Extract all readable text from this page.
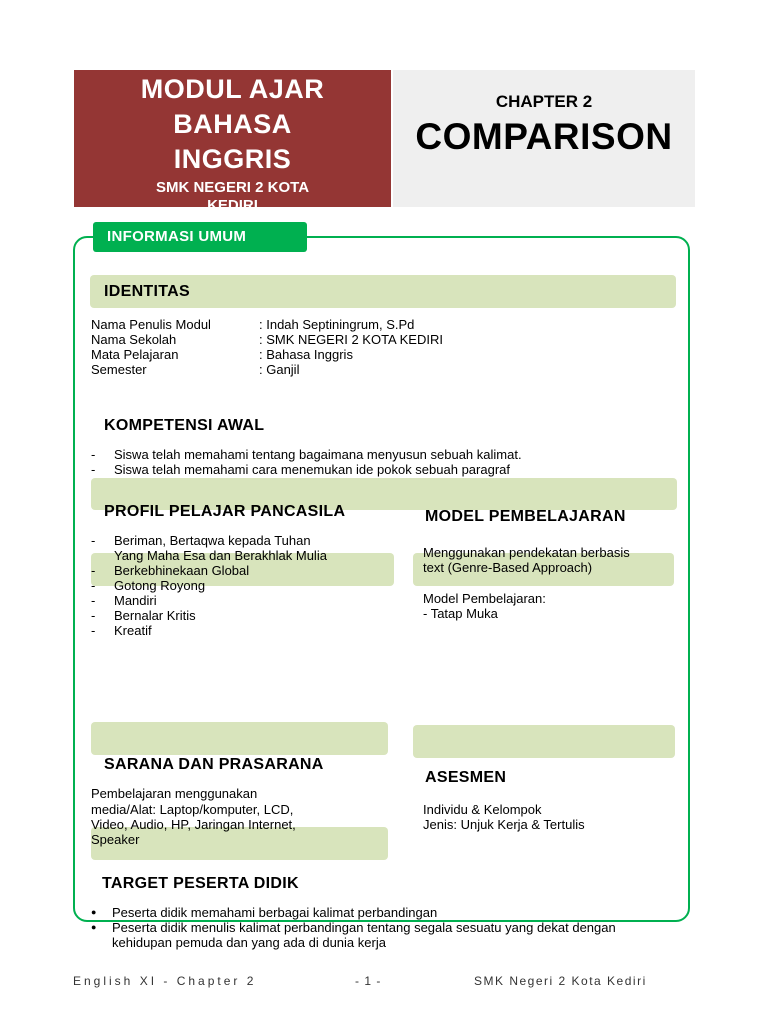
MODUL AJAR
BAHASA
INGGRIS
SMK NEGERI 2 KOTA
KEDIRI
CHAPTER 2
COMPARISON
INFORMASI UMUM
IDENTITAS
Nama Penulis Modul	: Indah Septiningrum, S.Pd
Nama Sekolah	: SMK NEGERI 2 KOTA KEDIRI
Mata Pelajaran	: Bahasa Inggris
Semester	: Ganjil
KOMPETENSI AWAL
- Siswa telah memahami tentang bagaimana menyusun sebuah kalimat.
- Siswa telah memahami cara menemukan ide pokok sebuah paragraf
PROFIL PELAJAR PANCASILA
- Beriman, Bertaqwa kepada Tuhan Yang Maha Esa dan Berakhlak Mulia
- Berkebhinekaan Global
- Gotong Royong
- Mandiri
- Bernalar Kritis
- Kreatif
MODEL PEMBELAJARAN
Menggunakan pendekatan berbasis
text (Genre-Based Approach)
Model Pembelajaran:
- Tatap Muka
SARANA DAN PRASARANA
Pembelajaran menggunakan
media/Alat: Laptop/komputer, LCD,
Video, Audio, HP, Jaringan Internet,
Speaker
ASESMEN
Individu & Kelompok
Jenis: Unjuk Kerja & Tertulis
TARGET PESERTA DIDIK
● Peserta didik memahami berbagai kalimat perbandingan
● Peserta didik menulis kalimat perbandingan tentang segala sesuatu yang dekat dengan kehidupan pemuda dan yang ada di dunia kerja
English XI - Chapter 2	- 1 -	SMK Negeri 2 Kota Kediri
